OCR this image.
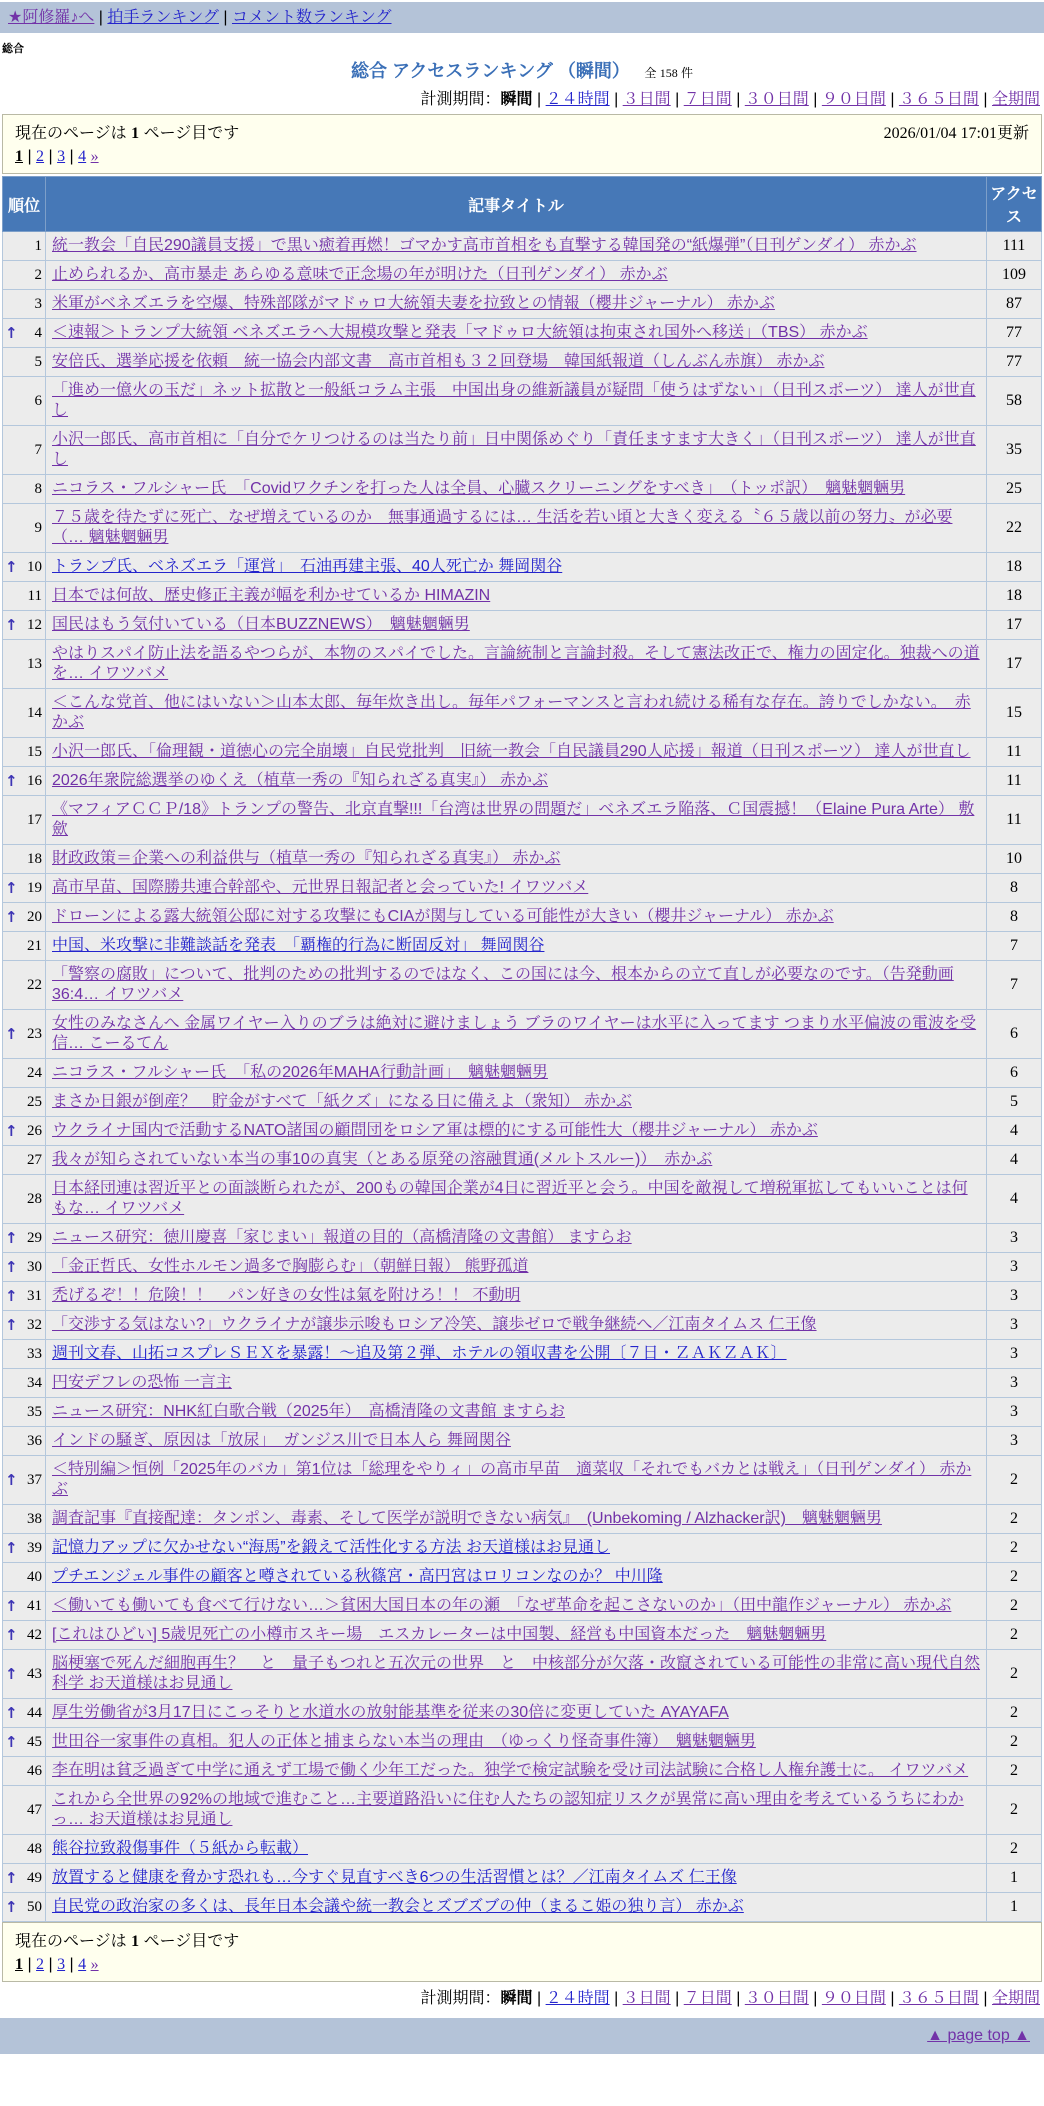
★阿修羅♪へ | 拍手ランキング | コメント数ランキング
総合
総合 アクセスランキング （瞬間） 全 158 件
計測期間：瞬間 | ２４時間 | ３日間 | ７日間 | ３０日間 | ９０日間 | ３６５日間 | 全期間
現在のページは 1 ページ目です	2026/01/04 17:01更新
1 | 2 | 3 | 4 »
順位	記事タイトル	アクセス

1	統一教会「自民290議員支援」で黒い癒着再燃！ゴマかす高市首相をも直撃する韓国発の“紙爆弾”（日刊ゲンダイ） 赤かぶ	111

2	止められるか、高市暴走 あらゆる意味で正念場の年が明けた（日刊ゲンダイ） 赤かぶ	109

3	米軍がベネズエラを空爆、特殊部隊がマドゥロ大統領夫妻を拉致との情報（櫻井ジャーナル） 赤かぶ	87

↑ 4	＜速報＞トランプ大統領 ベネズエラへ大規模攻撃と発表「マドゥロ大統領は拘束され国外へ移送」（TBS） 赤かぶ	77

5	安倍氏、選挙応援を依頼　統一協会内部文書　高市首相も３２回登場　韓国紙報道（しんぶん赤旗） 赤かぶ	77

6	「進め一億火の玉だ」ネット拡散と一般紙コラム主張　中国出身の維新議員が疑問「使うはずない」（日刊スポーツ） 達人が世直し	58

7	小沢一郎氏、高市首相に「自分でケリつけるのは当たり前」日中関係めぐり「責任ますます大きく」（日刊スポーツ） 達人が世直し	35

8	ニコラス・フルシャー氏　「Covidワクチンを打った人は全員、心臓スクリーニングをすべき」　（トッポ訳）　魑魅魍魎男	25

9	７５歳を待たずに死亡、なぜ増えているのか　無事通過するには… 生活を若い頃と大きく変える〝６５歳以前の努力〟が必要（… 魑魅魍魎男	22

↑ 10	トランプ氏、ベネズエラ「運営」　石油再建主張、40人死亡か 舞岡関谷	18

11	日本では何故、歴史修正主義が幅を利かせているか HIMAZIN	18

↑ 12	国民はもう気付いている（日本BUZZNEWS）　魑魅魍魎男	17

13	やはりスパイ防止法を語るやつらが、本物のスパイでした。言論統制と言論封殺。そして憲法改正で、権力の固定化。独裁への道を… イワツバメ	17

14	＜こんな党首、他にはいない＞山本太郎、毎年炊き出し。毎年パフォーマンスと言われ続ける稀有な存在。誇りでしかない。　赤かぶ	15

15	小沢一郎氏、「倫理観・道徳心の完全崩壊」自民党批判　旧統一教会「自民議員290人応援」報道（日刊スポーツ） 達人が世直し	11

↑ 16	2026年衆院総選挙のゆくえ（植草一秀の『知られざる真実』） 赤かぶ	11

17	《マフィアＣＣＰ/18》トランプの警告、北京直撃!!!「台湾は世界の問題だ」ベネズエラ陥落、Ｃ国震撼！（Elaine Pura Arte） 敷歛	11

18	財政政策＝企業への利益供与（植草一秀の『知られざる真実』） 赤かぶ	10

↑ 19	高市早苗、国際勝共連合幹部や、元世界日報記者と会っていた! イワツバメ	8

↑ 20	ドローンによる露大統領公邸に対する攻撃にもCIAが関与している可能性が大きい（櫻井ジャーナル） 赤かぶ	8

21	中国、米攻撃に非難談話を発表　「覇権的行為に断固反対」 舞岡関谷	7

22	「警察の腐敗」について、批判のための批判するのではなく、この国には今、根本からの立て直しが必要なのです。（告発動画 36:4… イワツバメ	7

↑ 23	女性のみなさんへ 金属ワイヤー入りのブラは絶対に避けましょう ブラのワイヤーは水平に入ってます つまり水平偏波の電波を受信… こーるてん	6

24	ニコラス・フルシャー氏　「私の2026年MAHA行動計画」　魑魅魍魎男	6

25	まさか日銀が倒産？　貯金がすべて「紙クズ」になる日に備えよ（衆知） 赤かぶ	5

↑ 26	ウクライナ国内で活動するNATO諸国の顧問団をロシア軍は標的にする可能性大（櫻井ジャーナル） 赤かぶ	4

27	我々が知らされていない本当の事10の真実（とある原発の溶融貫通(メルトスルー)）　赤かぶ	4

28	日本経団連は習近平との面談断られたが、200もの韓国企業が4日に習近平と会う。中国を敵視して増税軍拡してもいいことは何もな… イワツバメ	4

↑ 29	ニュース研究：徳川慶喜「家じまい」報道の目的（高橋清隆の文書館） ますらお	3

↑ 30	「金正哲氏、女性ホルモン過多で胸膨らむ」（朝鮮日報） 熊野孤道	3

↑ 31	禿げるぞ！！危険！！　パン好きの女性は氣を附けろ！！ 不動明	3

↑ 32	「交渉する気はない?」ウクライナが譲歩示唆もロシア冷笑、譲歩ゼロで戦争継続へ／江南タイムス 仁王像	3

33	週刊文春、山拓コスプレＳＥＸを暴露！～追及第２弾、ホテルの領収書を公開〔７日・ＺＡＫＺＡＫ〕	3

34	円安デフレの恐怖 一言主	3

35	ニュース研究：NHK紅白歌合戦（2025年）　高橋清隆の文書館 ますらお	3

36	インドの騒ぎ、原因は「放尿」　ガンジス川で日本人ら 舞岡関谷	3

↑ 37	＜特別編＞恒例「2025年のバカ」第1位は「総理をやりィ」の高市早苗　適菜収「それでもバカとは戦え」（日刊ゲンダイ） 赤かぶ	2

38	調査記事『直接配達：タンポン、毒素、そして医学が説明できない病気』　(Unbekoming / Alzhacker訳)　魑魅魍魎男	2

↑ 39	記憶力アップに欠かせない“海馬”を鍛えて活性化する方法 お天道様はお見通し	2

40	プチエンジェル事件の顧客と噂されている秋篠宮・高円宮はロリコンなのか？ 中川隆	2

↑ 41	＜働いても働いても食べて行けない…＞貧困大国日本の年の瀬　「なぜ革命を起こさないのか」（田中龍作ジャーナル） 赤かぶ	2

↑ 42	[これはひどい] 5歳児死亡の小樽市スキー場　エスカレーターは中国製、経営も中国資本だった　魑魅魍魎男	2

↑ 43	脳梗塞で死んだ細胞再生？　と　量子もつれと五次元の世界　と　中核部分が欠落・改竄されている可能性の非常に高い現代自然科学 お天道様はお見通し	2

↑ 44	厚生労働省が3月17日にこっそりと水道水の放射能基準を従来の30倍に変更していた AYAYAFA	2

↑ 45	世田谷一家事件の真相。犯人の正体と捕まらない本当の理由　（ゆっくり怪奇事件簿）　魑魅魍魎男	2

46	李在明は貧乏過ぎて中学に通えず工場で働く少年工だった。独学で検定試験を受け司法試験に合格し人権弁護士に。 イワツバメ	2

47	これから全世界の92%の地域で進むこと…主要道路沿いに住む人たちの認知症リスクが異常に高い理由を考えているうちにわかっ… お天道様はお見通し	2

48	熊谷拉致殺傷事件（５紙から転載）	2

↑ 49	放置すると健康を脅かす恐れも…今すぐ見直すべき6つの生活習慣とは？／江南タイムズ 仁王像	1

↑ 50	自民党の政治家の多くは、長年日本会議や統一教会とズブズブの仲（まるこ姫の独り言） 赤かぶ	1
現在のページは 1 ページ目です
1 | 2 | 3 | 4 »
計測期間：瞬間 | ２４時間 | ３日間 | ７日間 | ３０日間 | ９０日間 | ３６５日間 | 全期間
▲ page top ▲
